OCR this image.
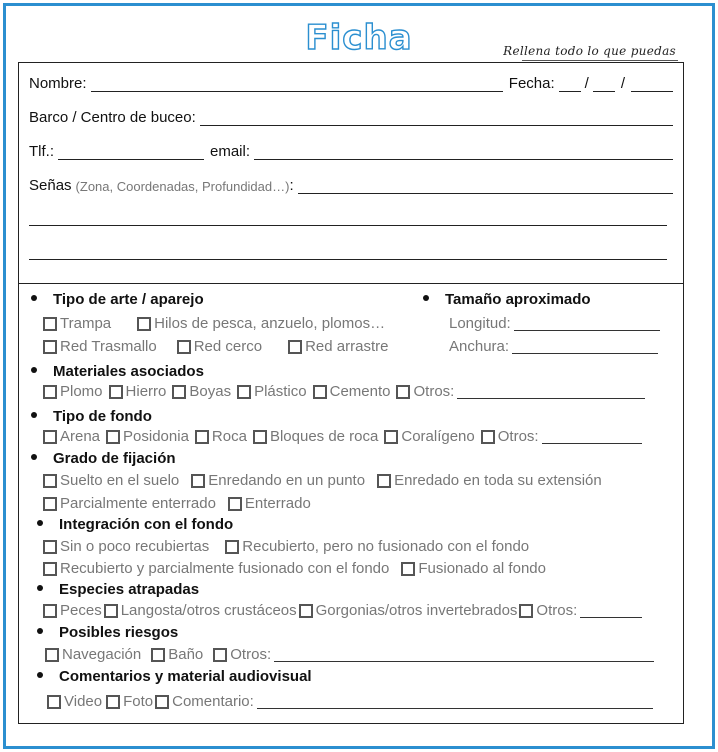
Ficha	Rellena todo lo que puedas
Nombre:	Fecha: /	/
Barco / Centro de buceo:
Tlf.:	email:
Señas (Zona, Coordenadas, Profundidad…) :
Tipo de arte / aparejo
Trampa	Hilos de pesca, anzuelo, plomos…
Red Trasmallo Red cerco	Red arrastre
Tamaño aproximado
Longitud:
Anchura:
Materiales asociados
Plomo Hierro Boyas Plástico Cemento Otros:
Tipo de fondo
Arena Posidonia Roca Bloques de roca Coralígeno Otros:
Grado de fijación
Suelto en el suelo Enredando en un punto Enredado en toda su extensión
Parcialmente enterrado Enterrado
Integración con el fondo
Sin o poco recubiertas Recubierto, pero no fusionado con el fondo
Recubierto y parcialmente fusionado con el fondo Fusionado al fondo
Especies atrapadas
Peces Langosta/otros crustáceos Gorgonias/otros invertebrados Otros:
Posibles riesgos
Navegación Baño Otros:
Comentarios y material audiovisual
Video Foto Comentario:
